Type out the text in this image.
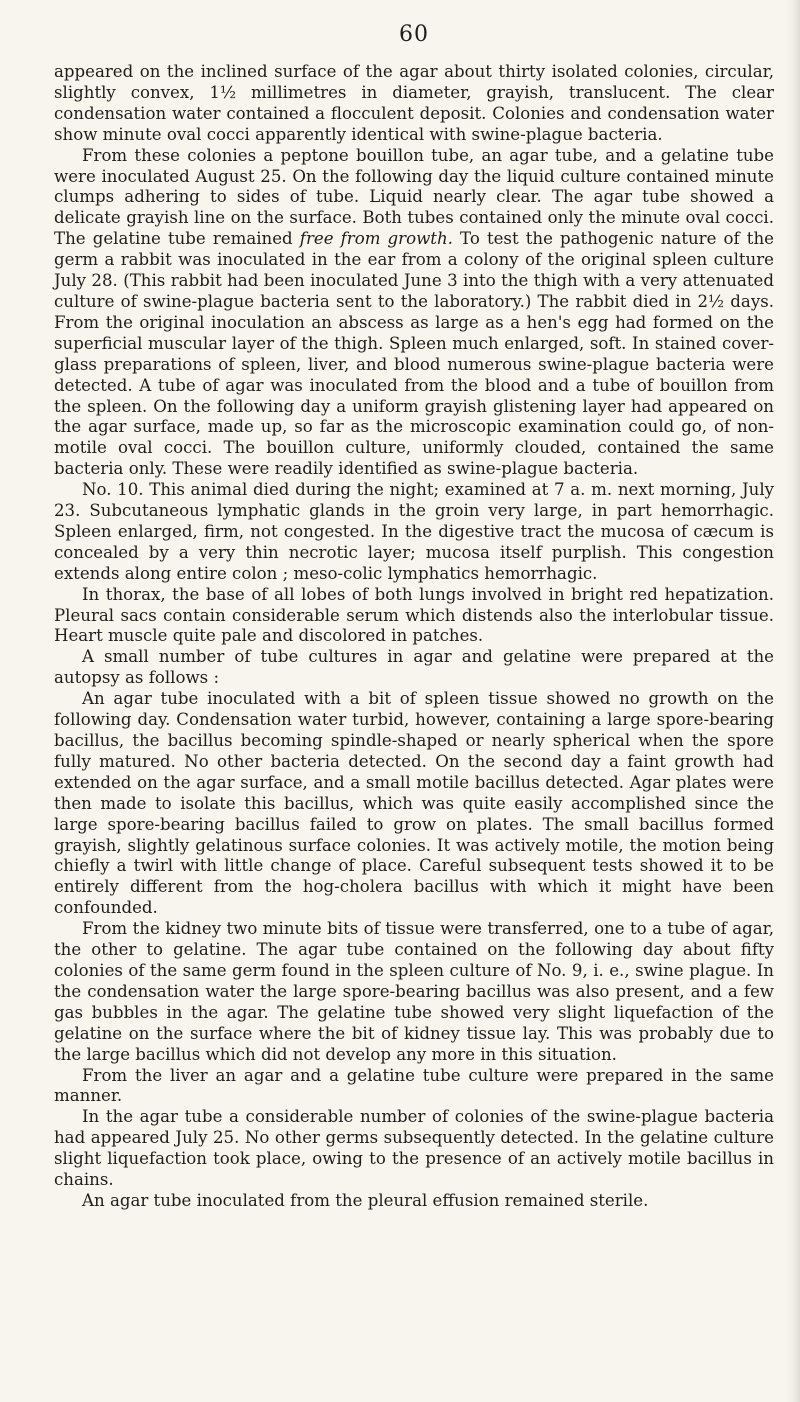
60

appeared on the inclined surface of the agar about thirty isolated colonies, circular, slightly convex, 1½ millimetres in diameter, grayish, translucent. The clear condensation water contained a flocculent deposit. Colonies and condensation water show minute oval cocci apparently identical with swine-plague bacteria.

From these colonies a peptone bouillon tube, an agar tube, and a gelatine tube were inoculated August 25. On the following day the liquid culture contained minute clumps adhering to sides of tube. Liquid nearly clear. The agar tube showed a delicate grayish line on the surface. Both tubes contained only the minute oval cocci. The gelatine tube remained free from growth. To test the pathogenic nature of the germ a rabbit was inoculated in the ear from a colony of the original spleen culture July 28. (This rabbit had been inoculated June 3 into the thigh with a very attenuated culture of swine-plague bacteria sent to the laboratory.) The rabbit died in 2½ days. From the original inoculation an abscess as large as a hen's egg had formed on the superficial muscular layer of the thigh. Spleen much enlarged, soft. In stained cover-glass preparations of spleen, liver, and blood numerous swine-plague bacteria were detected. A tube of agar was inoculated from the blood and a tube of bouillon from the spleen. On the following day a uniform grayish glistening layer had appeared on the agar surface, made up, so far as the microscopic examination could go, of non-motile oval cocci. The bouillon culture, uniformly clouded, contained the same bacteria only. These were readily identified as swine-plague bacteria.

No. 10. This animal died during the night; examined at 7 a. m. next morning, July 23. Subcutaneous lymphatic glands in the groin very large, in part hemorrhagic. Spleen enlarged, firm, not congested. In the digestive tract the mucosa of cæcum is concealed by a very thin necrotic layer; mucosa itself purplish. This congestion extends along entire colon ; meso-colic lymphatics hemorrhagic.

In thorax, the base of all lobes of both lungs involved in bright red hepatization. Pleural sacs contain considerable serum which distends also the interlobular tissue. Heart muscle quite pale and discolored in patches.

A small number of tube cultures in agar and gelatine were prepared at the autopsy as follows :

An agar tube inoculated with a bit of spleen tissue showed no growth on the following day. Condensation water turbid, however, containing a large spore-bearing bacillus, the bacillus becoming spindle-shaped or nearly spherical when the spore fully matured. No other bacteria detected. On the second day a faint growth had extended on the agar surface, and a small motile bacillus detected. Agar plates were then made to isolate this bacillus, which was quite easily accomplished since the large spore-bearing bacillus failed to grow on plates. The small bacillus formed grayish, slightly gelatinous surface colonies. It was actively motile, the motion being chiefly a twirl with little change of place. Careful subsequent tests showed it to be entirely different from the hog-cholera bacillus with which it might have been confounded.

From the kidney two minute bits of tissue were transferred, one to a tube of agar, the other to gelatine. The agar tube contained on the following day about fifty colonies of the same germ found in the spleen culture of No. 9, i. e., swine plague. In the condensation water the large spore-bearing bacillus was also present, and a few gas bubbles in the agar. The gelatine tube showed very slight liquefaction of the gelatine on the surface where the bit of kidney tissue lay. This was probably due to the large bacillus which did not develop any more in this situation.

From the liver an agar and a gelatine tube culture were prepared in the same manner.

In the agar tube a considerable number of colonies of the swine-plague bacteria had appeared July 25. No other germs subsequently detected. In the gelatine culture slight liquefaction took place, owing to the presence of an actively motile bacillus in chains.

An agar tube inoculated from the pleural effusion remained sterile.
